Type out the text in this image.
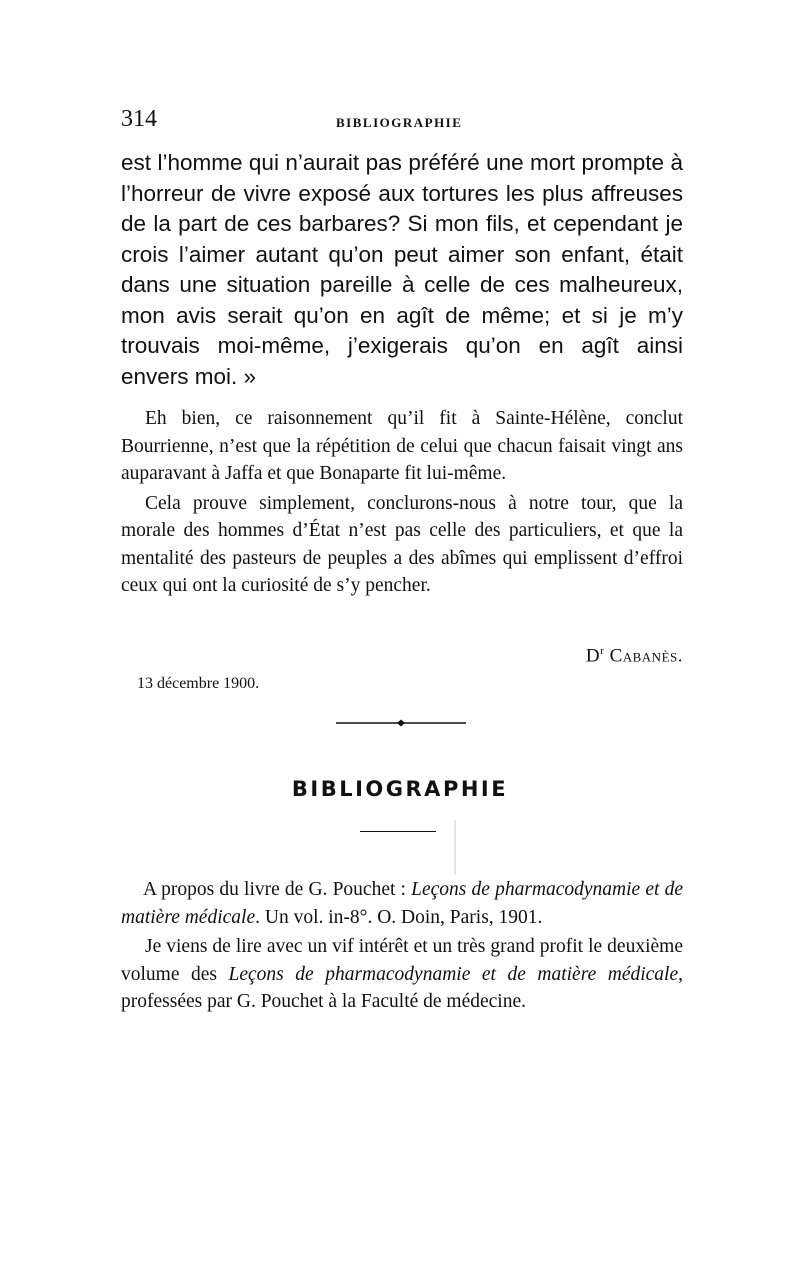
314	BIBLIOGRAPHIE

est l’homme qui n’aurait pas préféré une mort prompte à l’horreur de vivre exposé aux tortures les plus affreuses de la part de ces barbares? Si mon fils, et cependant je crois l’aimer autant qu’on peut aimer son enfant, était dans une situation pareille à celle de ces malheureux, mon avis serait qu’on en agît de même; et si je m’y trouvais moi-même, j’exigerais qu’on en agît ainsi envers moi. »

Eh bien, ce raisonnement qu’il fit à Sainte-Hélène, conclut Bourrienne, n’est que la répétition de celui que chacun faisait vingt ans auparavant à Jaffa et que Bonaparte fit lui-même.

Cela prouve simplement, conclurons-nous à notre tour, que la morale des hommes d’État n’est pas celle des particuliers, et que la mentalité des pasteurs de peuples a des abîmes qui emplissent d’effroi ceux qui ont la curiosité de s’y pencher.

$D^r$ Cabanès.
13 décembre 1900.
BIBLIOGRAPHIE

A propos du livre de G. Pouchet : Leçons de pharmacodynamie et de matière médicale. Un vol. in-8°. O. Doin, Paris, 1901.

Je viens de lire avec un vif intérêt et un très grand profit le deuxième volume des Leçons de pharmacodynamie et de matière médicale, professées par G. Pouchet à la Faculté de médecine.
